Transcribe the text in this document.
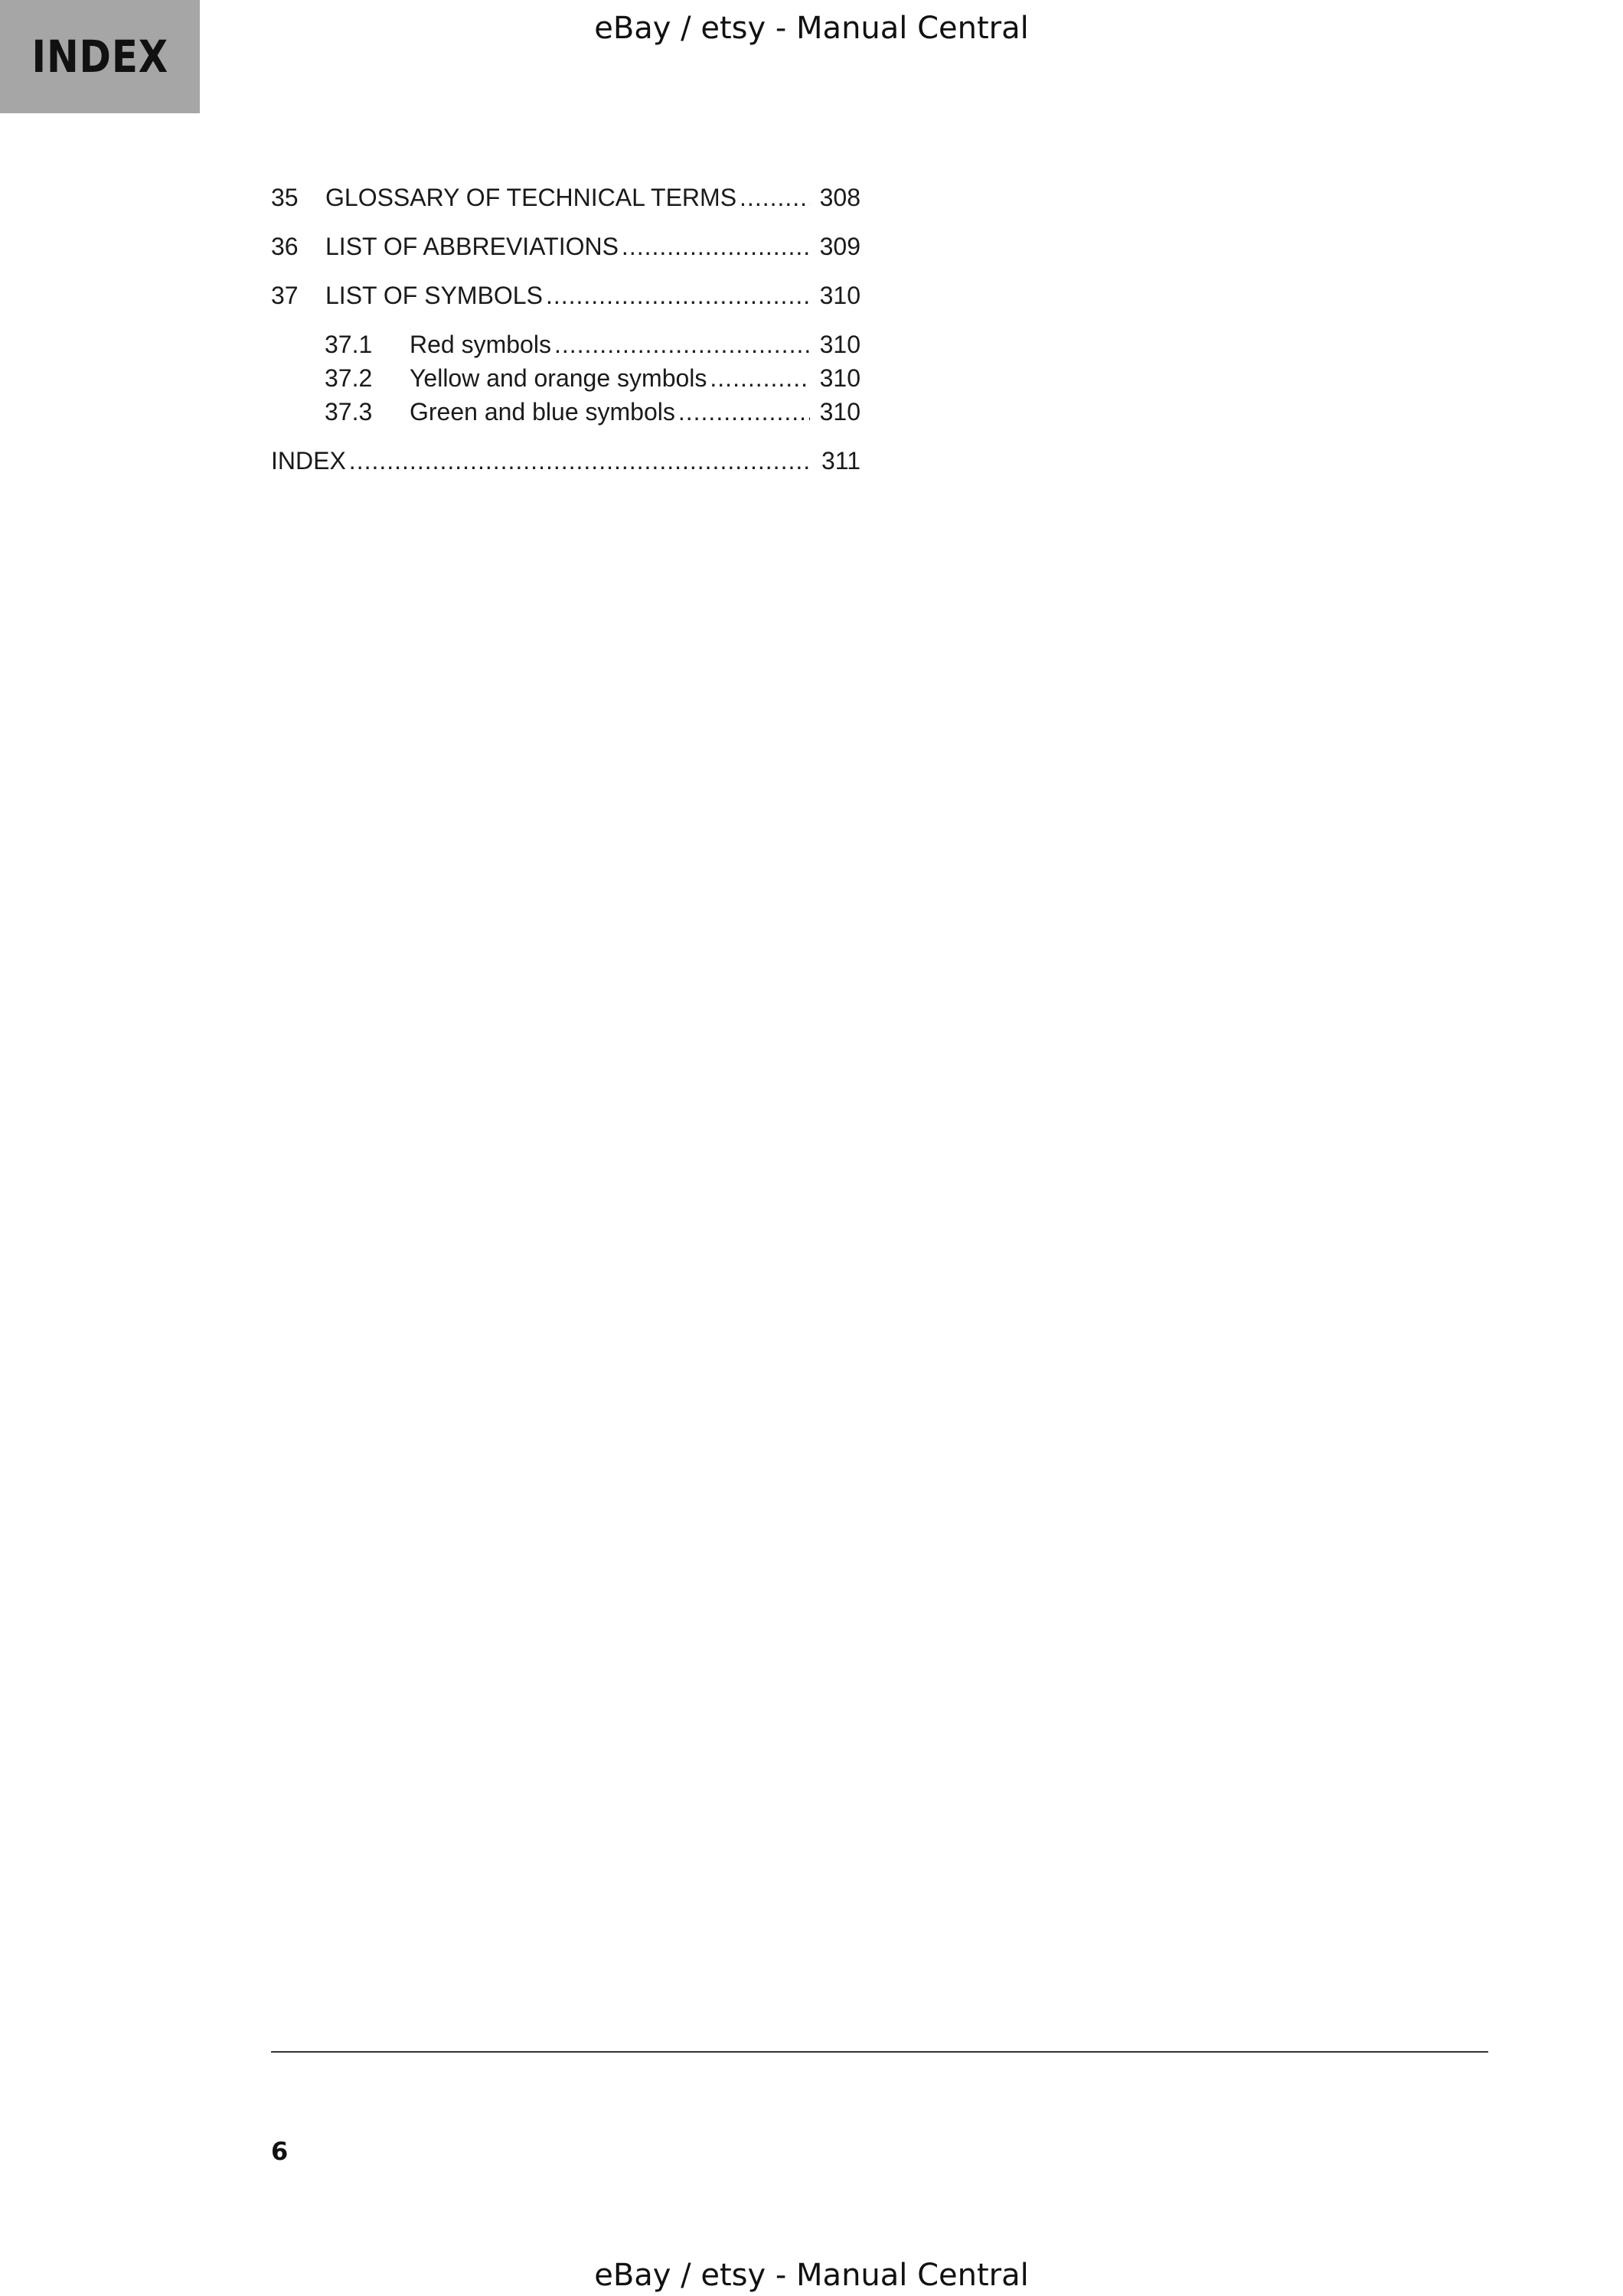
INDEX
eBay / etsy - Manual Central
35	GLOSSARY OF TECHNICAL TERMS .....	308
36	LIST OF ABBREVIATIONS .....	309
37	LIST OF SYMBOLS .....	310
37.1	Red symbols .....	310
37.2	Yellow and orange symbols .....	310
37.3	Green and blue symbols .....	310
INDEX .....	311
6
eBay / etsy - Manual Central
